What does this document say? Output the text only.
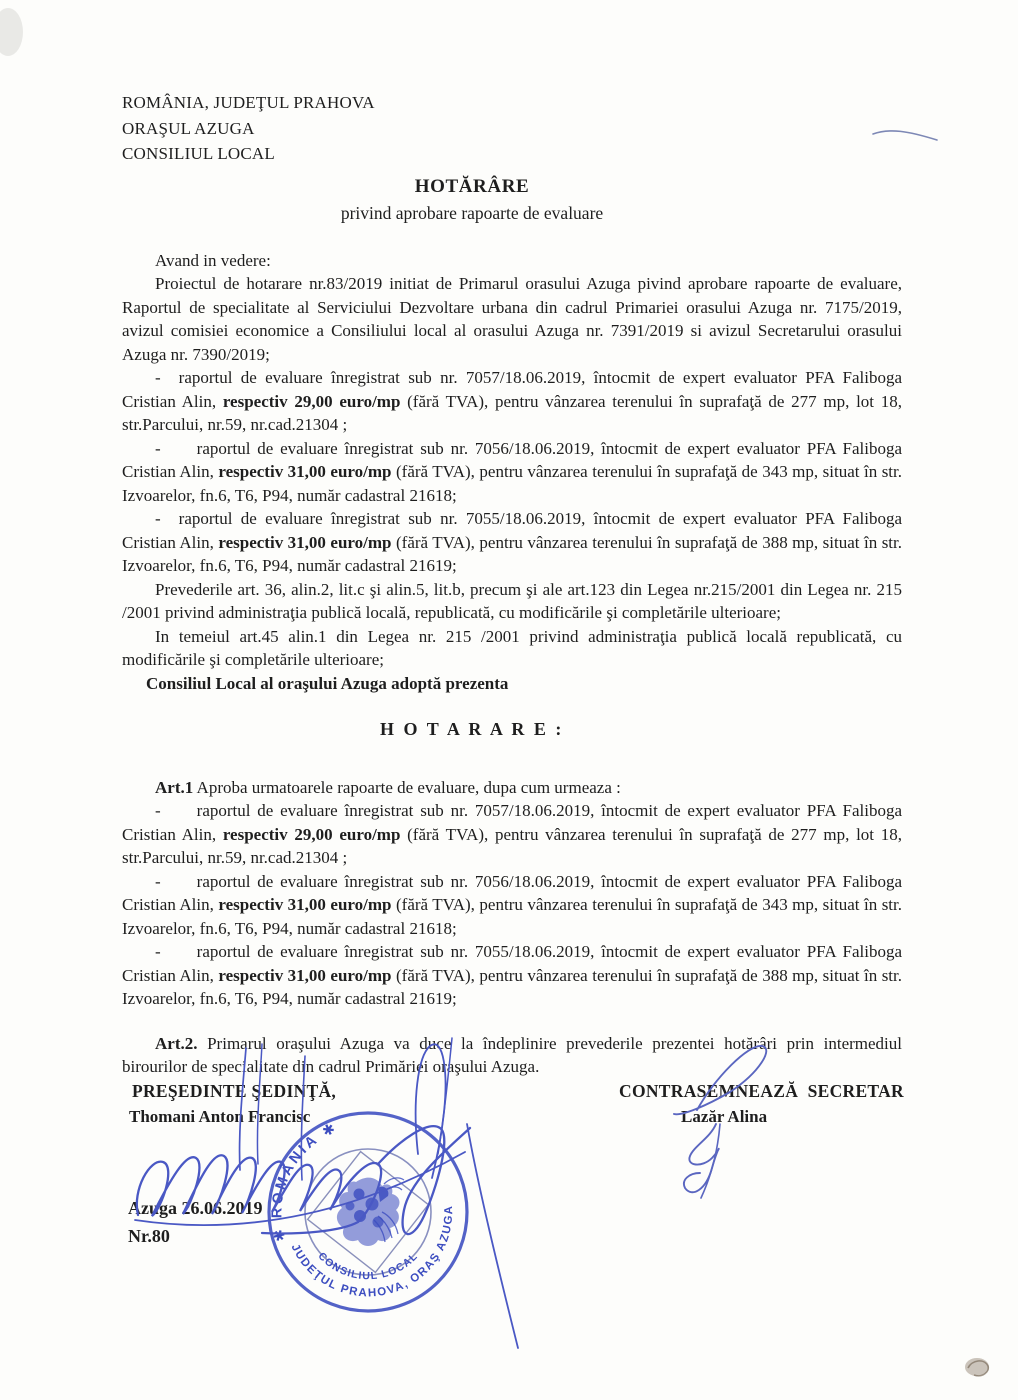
ROMÂNIA, JUDEŢUL PRAHOVA
ORAŞUL AZUGA
CONSILIUL LOCAL
HOTĂRÂRE
privind aprobare rapoarte de evaluare

Avand in vedere:

Proiectul de hotarare nr.83/2019 initiat de Primarul orasului Azuga pivind aprobare rapoarte de evaluare, Raportul de specialitate al Serviciului Dezvoltare urbana din cadrul Primariei orasului Azuga nr. 7175/2019, avizul comisiei economice a Consiliului local al orasului Azuga nr. 7391/2019 si avizul Secretarului orasului Azuga nr. 7390/2019;

- raportul de evaluare înregistrat sub nr. 7057/18.06.2019, întocmit de expert evaluator PFA Faliboga Cristian Alin, respectiv 29,00 euro/mp (fără TVA), pentru vânzarea terenului în suprafaţă de 277 mp, lot 18, str.Parcului, nr.59, nr.cad.21304 ;

- raportul de evaluare înregistrat sub nr. 7056/18.06.2019, întocmit de expert evaluator PFA Faliboga Cristian Alin, respectiv 31,00 euro/mp (fără TVA), pentru vânzarea terenului în suprafaţă de 343 mp, situat în str. Izvoarelor, fn.6, T6, P94, număr cadastral 21618;

- raportul de evaluare înregistrat sub nr. 7055/18.06.2019, întocmit de expert evaluator PFA Faliboga Cristian Alin, respectiv 31,00 euro/mp (fără TVA), pentru vânzarea terenului în suprafaţă de 388 mp, situat în str. Izvoarelor, fn.6, T6, P94, număr cadastral 21619;

Prevederile art. 36, alin.2, lit.c şi alin.5, lit.b, precum şi ale art.123 din Legea nr.215/2001 din Legea nr. 215 /2001 privind administraţia publică locală, republicată, cu modificările şi completările ulterioare;

In temeiul art.45 alin.1 din Legea nr. 215 /2001 privind administraţia publică locală republicată, cu modificările şi completările ulterioare;

Consiliul Local al oraşului Azuga adoptă prezenta

H O T A R A R E :

Art.1 Aproba urmatoarele rapoarte de evaluare, dupa cum urmeaza :

- raportul de evaluare înregistrat sub nr. 7057/18.06.2019, întocmit de expert evaluator PFA Faliboga Cristian Alin, respectiv 29,00 euro/mp (fără TVA), pentru vânzarea terenului în suprafaţă de 277 mp, lot 18, str.Parcului, nr.59, nr.cad.21304 ;

- raportul de evaluare înregistrat sub nr. 7056/18.06.2019, întocmit de expert evaluator PFA Faliboga Cristian Alin, respectiv 31,00 euro/mp (fără TVA), pentru vânzarea terenului în suprafaţă de 343 mp, situat în str. Izvoarelor, fn.6, T6, P94, număr cadastral 21618;

- raportul de evaluare înregistrat sub nr. 7055/18.06.2019, întocmit de expert evaluator PFA Faliboga Cristian Alin, respectiv 31,00 euro/mp (fără TVA), pentru vânzarea terenului în suprafaţă de 388 mp, situat în str. Izvoarelor, fn.6, T6, P94, număr cadastral 21619;

Art.2. Primarul oraşului Azuga va duce la îndeplinire prevederile prezentei hotărâri prin intermediul birourilor de specialitate din cadrul Primăriei oraşului Azuga.

PREŞEDINTE ŞEDINŢĂ,
Thomani Anton Francisc
CONTRASEMNEAZĂ  SECRETAR
Lazăr Alina
Azuga 26.06.2019
Nr.80	✱ ROMÂNIA ✱
JUDEŢUL PRAHOVA, ORAŞ AZUGA
CONSILIUL LOCAL
